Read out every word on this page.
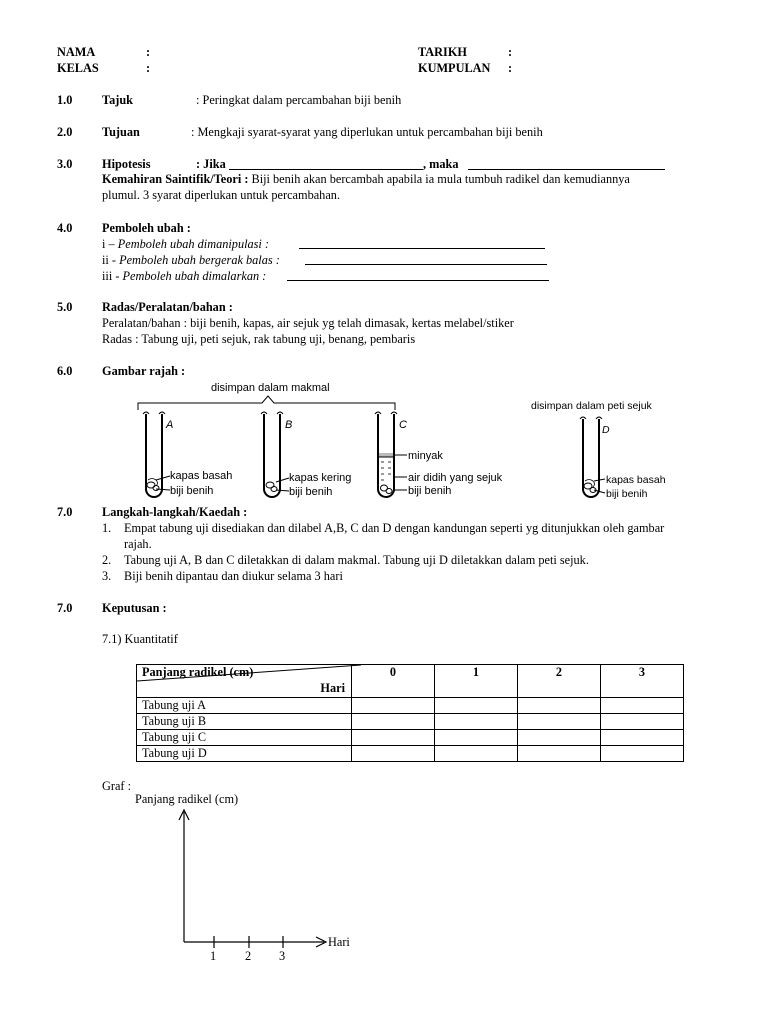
NAMA	:
KELAS	:
TARIKH	:
KUMPULAN :
1.0 Tajuk	: Peringkat dalam percambahan biji benih
2.0 Tujuan	: Mengkaji syarat-syarat yang diperlukan untuk percambahan biji benih
3.0 Hipotesis	: Jika	, maka
Kemahiran Saintifik/Teori : Biji benih akan bercambah apabila ia mula tumbuh radikel dan kemudiannya
plumul. 3 syarat diperlukan untuk percambahan.
4.0 Pemboleh ubah :
i – Pemboleh ubah dimanipulasi :
ii - Pemboleh ubah bergerak balas :
iii - Pemboleh ubah dimalarkan :
5.0 Radas/Peralatan/bahan :
Peralatan/bahan : biji benih, kapas, air sejuk yg telah dimasak, kertas melabel/stiker
Radas : Tabung uji, peti sejuk, rak tabung uji, benang, pembaris
6.0 Gambar rajah :
disimpan dalam makmal
disimpan dalam peti sejuk
A
kapas basah
biji benih
B
kapas kering
biji benih
C
minyak
air didih yang sejuk
biji benih
D
kapas basah
biji benih
7.0 Langkah-langkah/Kaedah :
1. Empat tabung uji disediakan dan dilabel A,B, C dan D dengan kandungan seperti yg ditunjukkan oleh gambar
rajah.
2. Tabung uji A, B dan C diletakkan di dalam makmal. Tabung uji D diletakkan dalam peti sejuk.
3. Biji benih dipantau dan diukur selama 3 hari
7.0 Keputusan :
7.1) Kuantitatif
Panjang radikel (cm)
Hari	0	1	2	3
Tabung uji A				
Tabung uji B				
Tabung uji C				
Tabung uji D				
Graf :
Panjang radikel (cm)
Hari
1 2 3
